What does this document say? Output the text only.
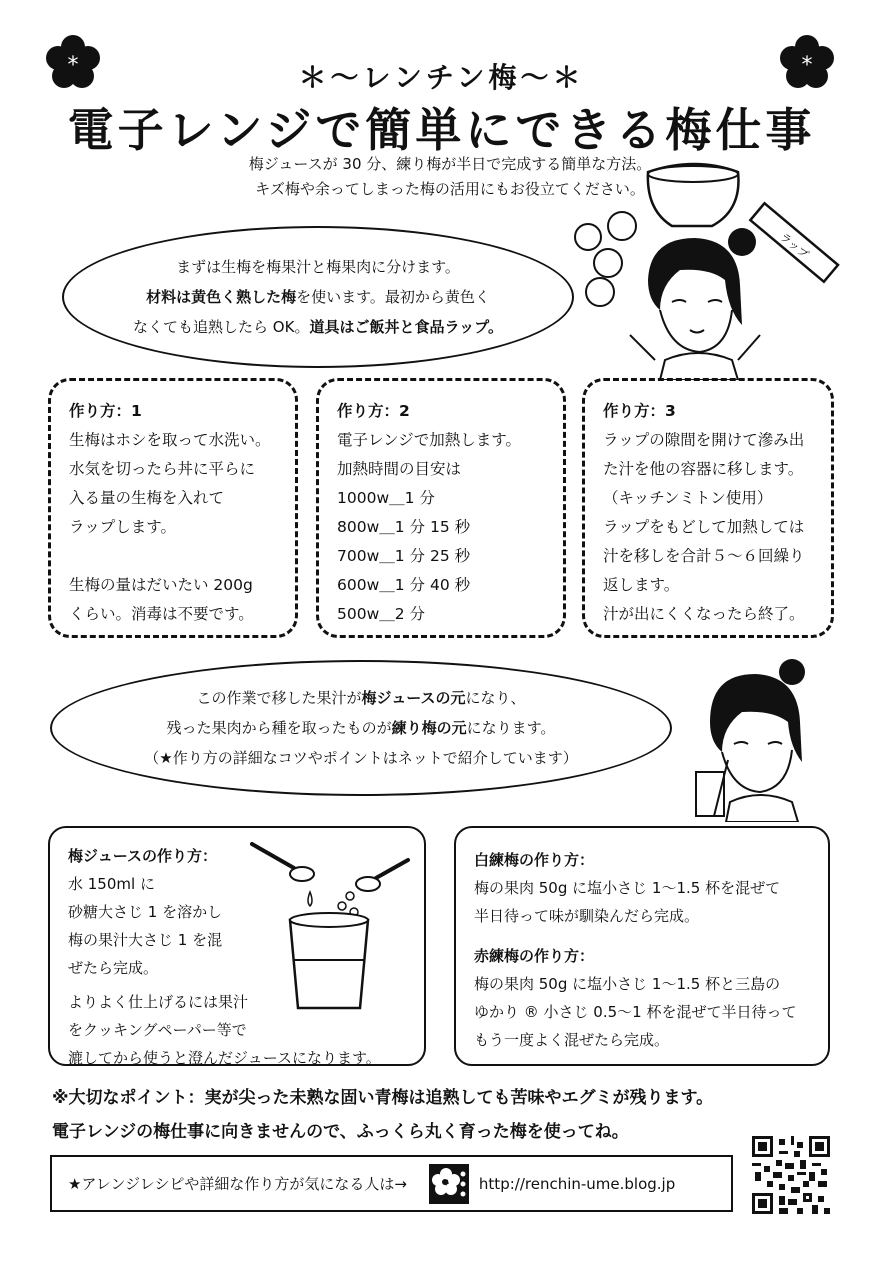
*	*
＊～レンチン梅～＊
電子レンジで簡単にできる梅仕事
梅ジュースが 30 分、練り梅が半日で完成する簡単な方法。
キズ梅や余ってしまった梅の活用にもお役立てください。
ラップ
まずは生梅を梅果汁と梅果肉に分けます。
材料は黄色く熟した梅を使います。最初から黄色く
なくても追熟したら OK。道具はご飯丼と食品ラップ。
作り方：1
生梅はホシを取って水洗い。
水気を切ったら丼に平らに
入る量の生梅を入れて
ラップします。
生梅の量はだいたい 200g
くらい。消毒は不要です。
作り方：2
電子レンジで加熱します。
加熱時間の目安は
1000w＿1 分
800w＿1 分 15 秒
700w＿1 分 25 秒
600w＿1 分 40 秒
500w＿2 分
作り方：3
ラップの隙間を開けて滲み出
た汁を他の容器に移します。
（キッチンミトン使用）
ラップをもどして加熱しては
汁を移しを合計５～６回繰り
返します。
汁が出にくくなったら終了。
この作業で移した果汁が梅ジュースの元になり、
残った果肉から種を取ったものが練り梅の元になります。
（★作り方の詳細なコツやポイントはネットで紹介しています）
梅ジュースの作り方：
水 150ml に
砂糖大さじ 1 を溶かし
梅の果汁大さじ 1 を混
ぜたら完成。
よりよく仕上げるには果汁
をクッキングペーパー等で
漉してから使うと澄んだジュースになります。
白練梅の作り方：
梅の果肉 50g に塩小さじ 1～1.5 杯を混ぜて
半日待って味が馴染んだら完成。
赤練梅の作り方：
梅の果肉 50g に塩小さじ 1～1.5 杯と三島の
ゆかり ® 小さじ 0.5～1 杯を混ぜて半日待って
もう一度よく混ぜたら完成。
※大切なポイント：実が尖った未熟な固い青梅は追熟しても苦味やエグミが残ります。
電子レンジの梅仕事に向きませんので、ふっくら丸く育った梅を使ってね。
★アレンジレシピや詳細な作り方が気になる人は→	http://renchin-ume.blog.jp
